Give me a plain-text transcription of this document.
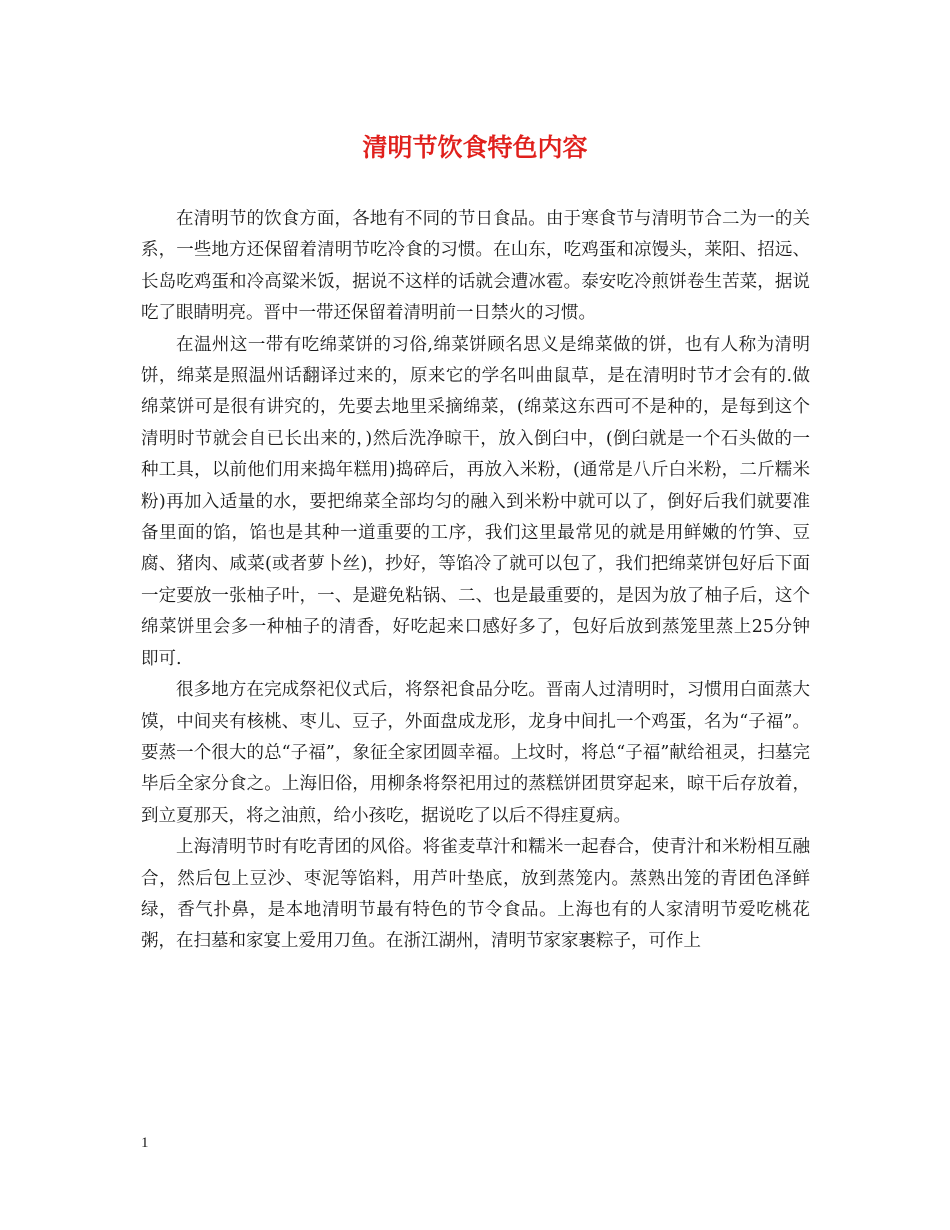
清明节饮食特色内容

在清明节的饮食方面，各地有不同的节日食品。由于寒食节与清明节合二为一的关系，一些地方还保留着清明节吃冷食的习惯。在山东，吃鸡蛋和凉馒头，莱阳、招远、长岛吃鸡蛋和冷高粱米饭，据说不这样的话就会遭冰雹。泰安吃冷煎饼卷生苦菜，据说吃了眼睛明亮。晋中一带还保留着清明前一日禁火的习惯。

在温州这一带有吃绵菜饼的习俗,绵菜饼顾名思义是绵菜做的饼，也有人称为清明饼，绵菜是照温州话翻译过来的，原来它的学名叫曲鼠草，是在清明时节才会有的.做绵菜饼可是很有讲究的，先要去地里采摘绵菜，(绵菜这东西可不是种的，是每到这个清明时节就会自已长出来的，)然后洗净晾干，放入倒臼中，(倒臼就是一个石头做的一种工具，以前他们用来捣年糕用)捣碎后，再放入米粉，(通常是八斤白米粉，二斤糯米粉)再加入适量的水，要把绵菜全部均匀的融入到米粉中就可以了，倒好后我们就要准备里面的馅，馅也是其种一道重要的工序，我们这里最常见的就是用鲜嫩的竹笋、豆腐、猪肉、咸菜(或者萝卜丝)，抄好，等馅冷了就可以包了，我们把绵菜饼包好后下面一定要放一张柚子叶，一、是避免粘锅、二、也是最重要的，是因为放了柚子后，这个绵菜饼里会多一种柚子的清香，好吃起来口感好多了，包好后放到蒸笼里蒸上25分钟即可.

很多地方在完成祭祀仪式后，将祭祀食品分吃。晋南人过清明时，习惯用白面蒸大馍，中间夹有核桃、枣儿、豆子，外面盘成龙形，龙身中间扎一个鸡蛋，名为“子福”。要蒸一个很大的总“子福”，象征全家团圆幸福。上坟时，将总“子福”献给祖灵，扫墓完毕后全家分食之。上海旧俗，用柳条将祭祀用过的蒸糕饼团贯穿起来，晾干后存放着，到立夏那天，将之油煎，给小孩吃，据说吃了以后不得疰夏病。

上海清明节时有吃青团的风俗。将雀麦草汁和糯米一起舂合，使青汁和米粉相互融合，然后包上豆沙、枣泥等馅料，用芦叶垫底，放到蒸笼内。蒸熟出笼的青团色泽鲜绿，香气扑鼻，是本地清明节最有特色的节令食品。上海也有的人家清明节爱吃桃花粥，在扫墓和家宴上爱用刀鱼。在浙江湖州，清明节家家裹粽子，可作上

1
